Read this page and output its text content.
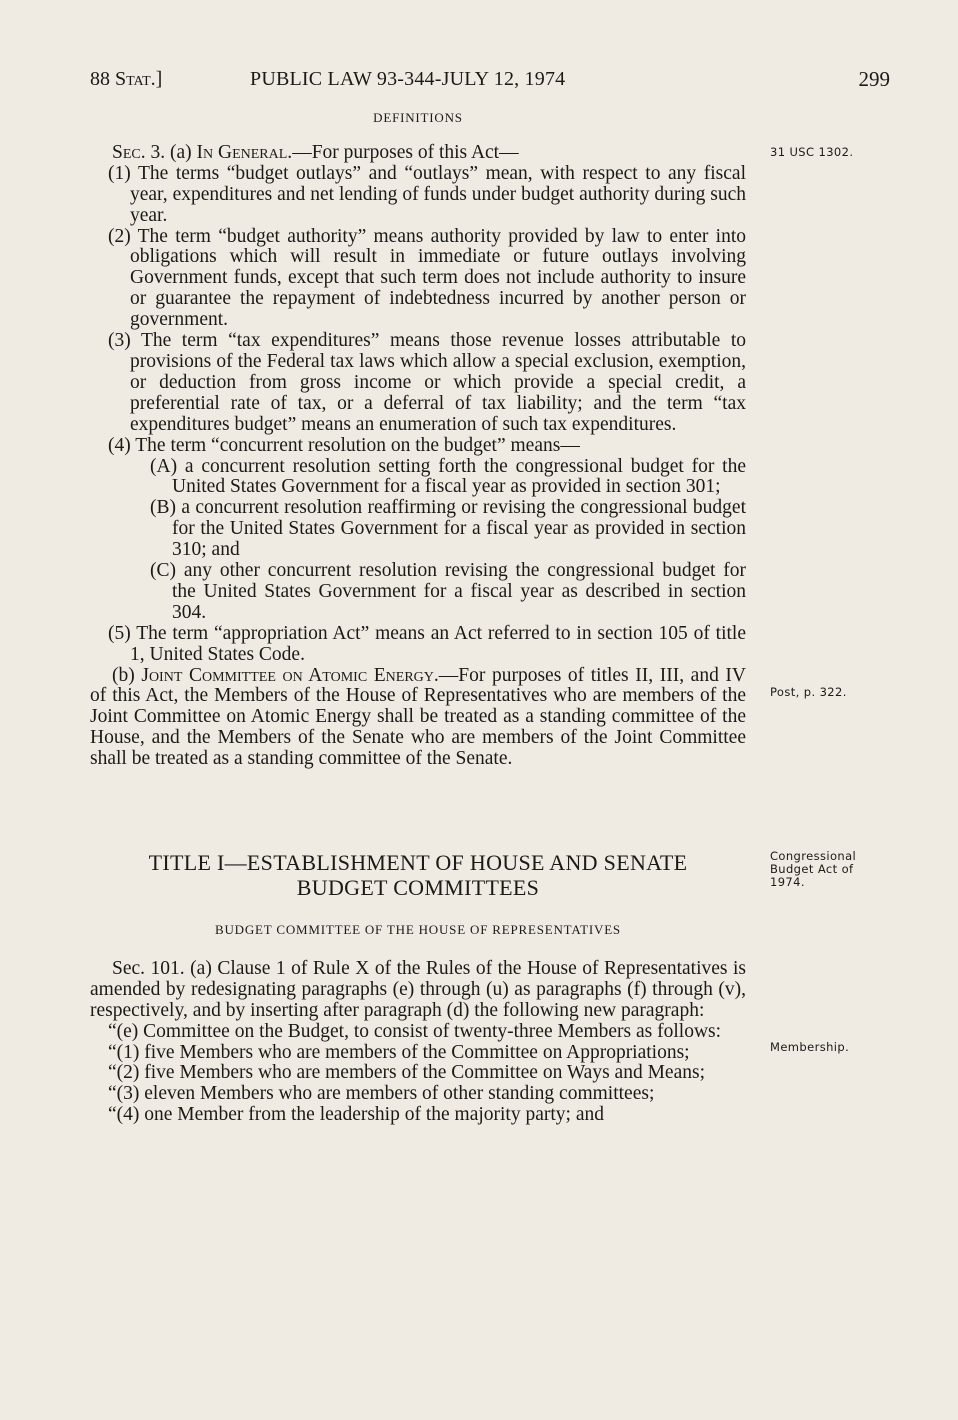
88 Stat.]	PUBLIC LAW 93-344-JULY 12, 1974	299

DEFINITIONS

Sec. 3. (a) In General.—For purposes of this Act—

(1) The terms “budget outlays” and “outlays” mean, with respect to any fiscal year, expenditures and net lending of funds under budget authority during such year.

(2) The term “budget authority” means authority provided by law to enter into obligations which will result in immediate or future outlays involving Government funds, except that such term does not include authority to insure or guarantee the repayment of indebtedness incurred by another person or government.

(3) The term “tax expenditures” means those revenue losses attributable to provisions of the Federal tax laws which allow a special exclusion, exemption, or deduction from gross income or which provide a special credit, a preferential rate of tax, or a deferral of tax liability; and the term “tax expenditures budget” means an enumeration of such tax expenditures.

(4) The term “concurrent resolution on the budget” means—

(A) a concurrent resolution setting forth the congressional budget for the United States Government for a fiscal year as provided in section 301;

(B) a concurrent resolution reaffirming or revising the congressional budget for the United States Government for a fiscal year as provided in section 310; and

(C) any other concurrent resolution revising the congressional budget for the United States Government for a fiscal year as described in section 304.

(5) The term “appropriation Act” means an Act referred to in section 105 of title 1, United States Code.

(b) Joint Committee on Atomic Energy.—For purposes of titles II, III, and IV of this Act, the Members of the House of Representatives who are members of the Joint Committee on Atomic Energy shall be treated as a standing committee of the House, and the Members of the Senate who are members of the Joint Committee shall be treated as a standing committee of the Senate.

TITLE I—ESTABLISHMENT OF HOUSE AND SENATE
BUDGET COMMITTEES

BUDGET COMMITTEE OF THE HOUSE OF REPRESENTATIVES

Sec. 101. (a) Clause 1 of Rule X of the Rules of the House of Representatives is amended by redesignating paragraphs (e) through (u) as paragraphs (f) through (v), respectively, and by inserting after paragraph (d) the following new paragraph:

“(e) Committee on the Budget, to consist of twenty-three Members as follows:

“(1) five Members who are members of the Committee on Appropriations;

“(2) five Members who are members of the Committee on Ways and Means;

“(3) eleven Members who are members of other standing committees;

“(4) one Member from the leadership of the majority party; and

31 USC 1302.
Post, p. 322.
Congressional
Budget Act of
1974.
Membership.
